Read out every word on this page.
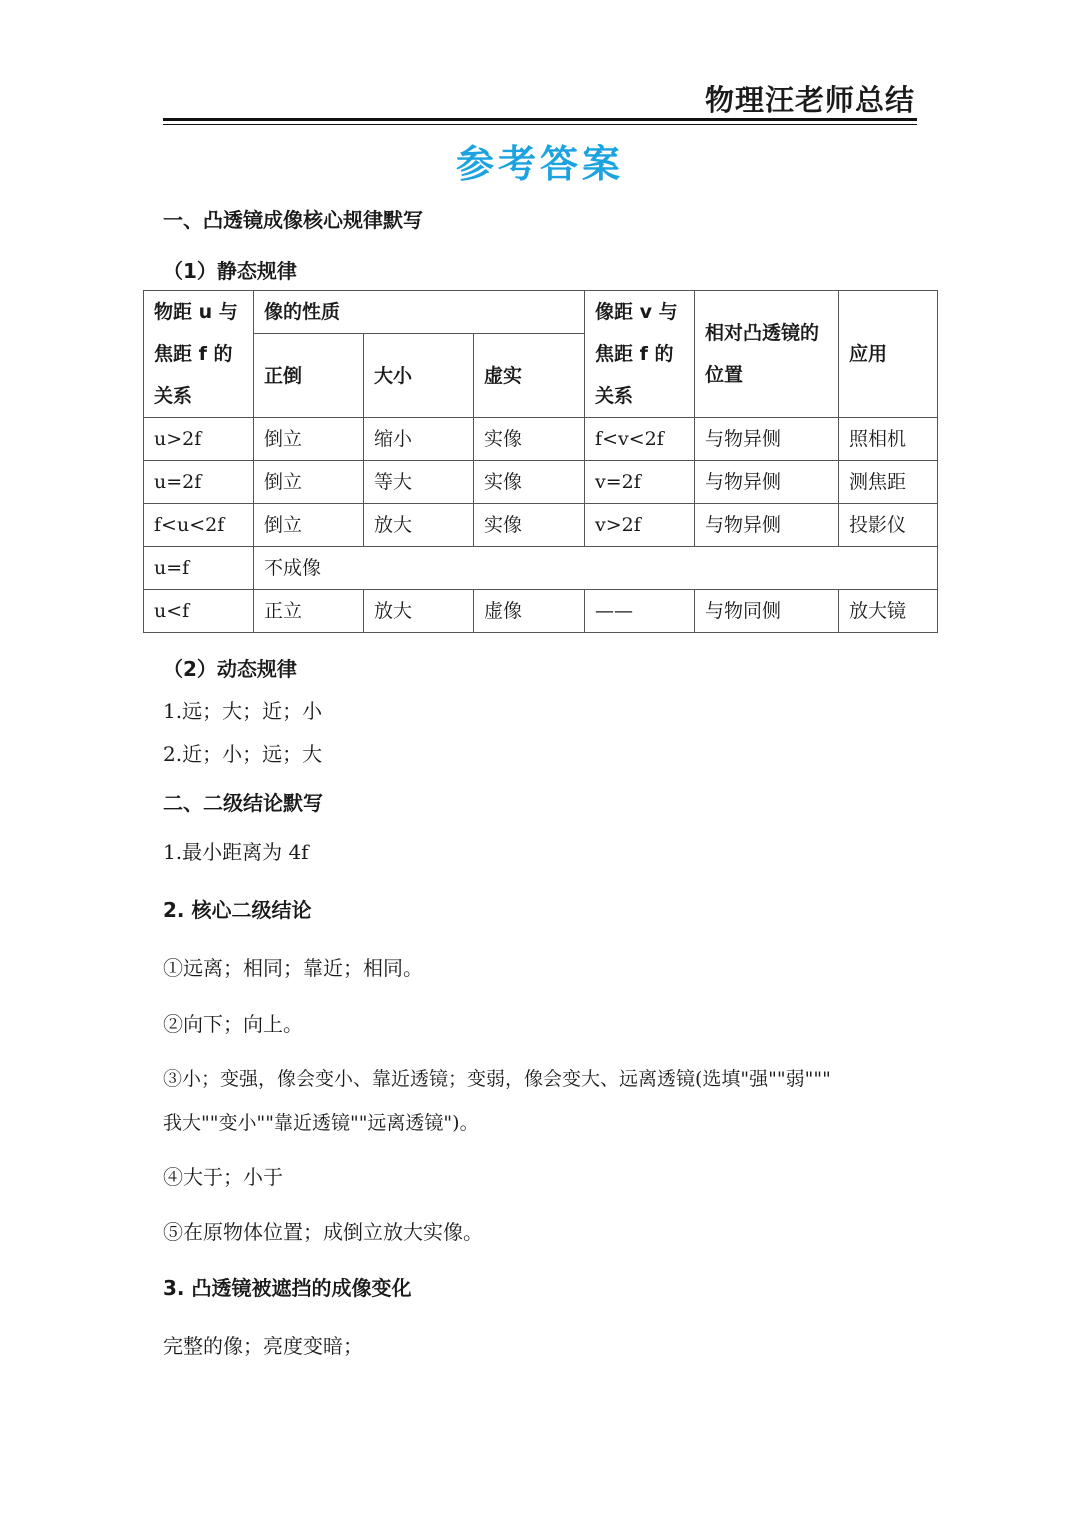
物理汪老师总结
参考答案
一、凸透镜成像核心规律默写
（1）静态规律
物距 u 与焦距 f 的关系	像的性质			像距 v 与焦距 f 的关系	相对凸透镜的位置	应用
	正倒	大小	虚实			
u>2f	倒立	缩小	实像	f<v<2f	与物异侧	照相机
u=2f	倒立	等大	实像	v=2f	与物异侧	测焦距
f<u<2f	倒立	放大	实像	v>2f	与物异侧	投影仪
u=f	不成像					
u<f	正立	放大	虚像	——	与物同侧	放大镜
（2）动态规律
1.远；大；近；小
2.近；小；远；大
二、二级结论默写
1.最小距离为 4f
2. 核心二级结论
①远离；相同；靠近；相同。
②向下；向上。
③小；变强，像会变小、靠近透镜；变弱，像会变大、远离透镜(选填"强""弱"""
我大""变小""靠近透镜""远离透镜")。
④大于；小于
⑤在原物体位置；成倒立放大实像。
3. 凸透镜被遮挡的成像变化
完整的像；亮度变暗；
